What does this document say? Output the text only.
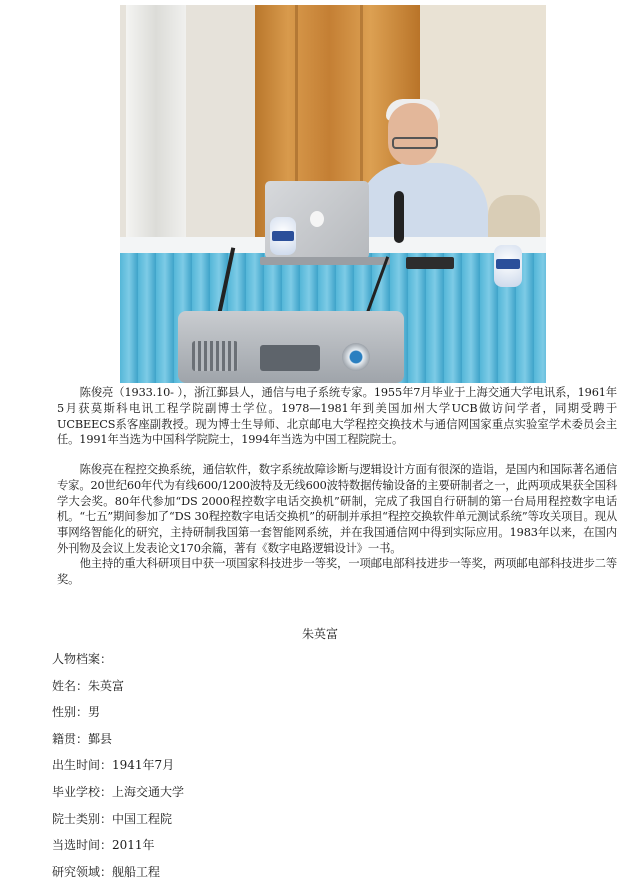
陈俊亮（1933.10- ），浙江鄞县人，通信与电子系统专家。1955年7月毕业于上海交通大学电讯系，1961年5月获莫斯科电讯工程学院副博士学位。1978—1981年到美国加州大学UCB做访问学者，同期受聘于UCBEECS系客座副教授。现为博士生导师、北京邮电大学程控交换技术与通信网国家重点实验室学术委员会主任。1991年当选为中国科学院院士，1994年当选为中国工程院院士。

陈俊亮在程控交换系统，通信软件，数字系统故障诊断与逻辑设计方面有很深的造诣，是国内和国际著名通信专家。20世纪60年代为有线600/1200波特及无线600波特数据传输设备的主要研制者之一，此两项成果获全国科学大会奖。80年代参加“DS 2000程控数字电话交换机”研制，完成了我国自行研制的第一台局用程控数字电话机。“七五”期间参加了“DS 30程控数字电话交换机”的研制并承担“程控交换软件单元测试系统”等攻关项目。现从事网络智能化的研究，主持研制我国第一套智能网系统，并在我国通信网中得到实际应用。1983年以来，在国内外刊物及会议上发表论文170余篇，著有《数字电路逻辑设计》一书。

他主持的重大科研项目中获一项国家科技进步一等奖，一项邮电部科技进步一等奖，两项邮电部科技进步二等奖。

朱英富
人物档案：
姓名：朱英富
性别：男
籍贯：鄞县
出生时间：1941年7月
毕业学校：上海交通大学
院士类别：中国工程院
当选时间：2011年
研究领域：舰船工程
